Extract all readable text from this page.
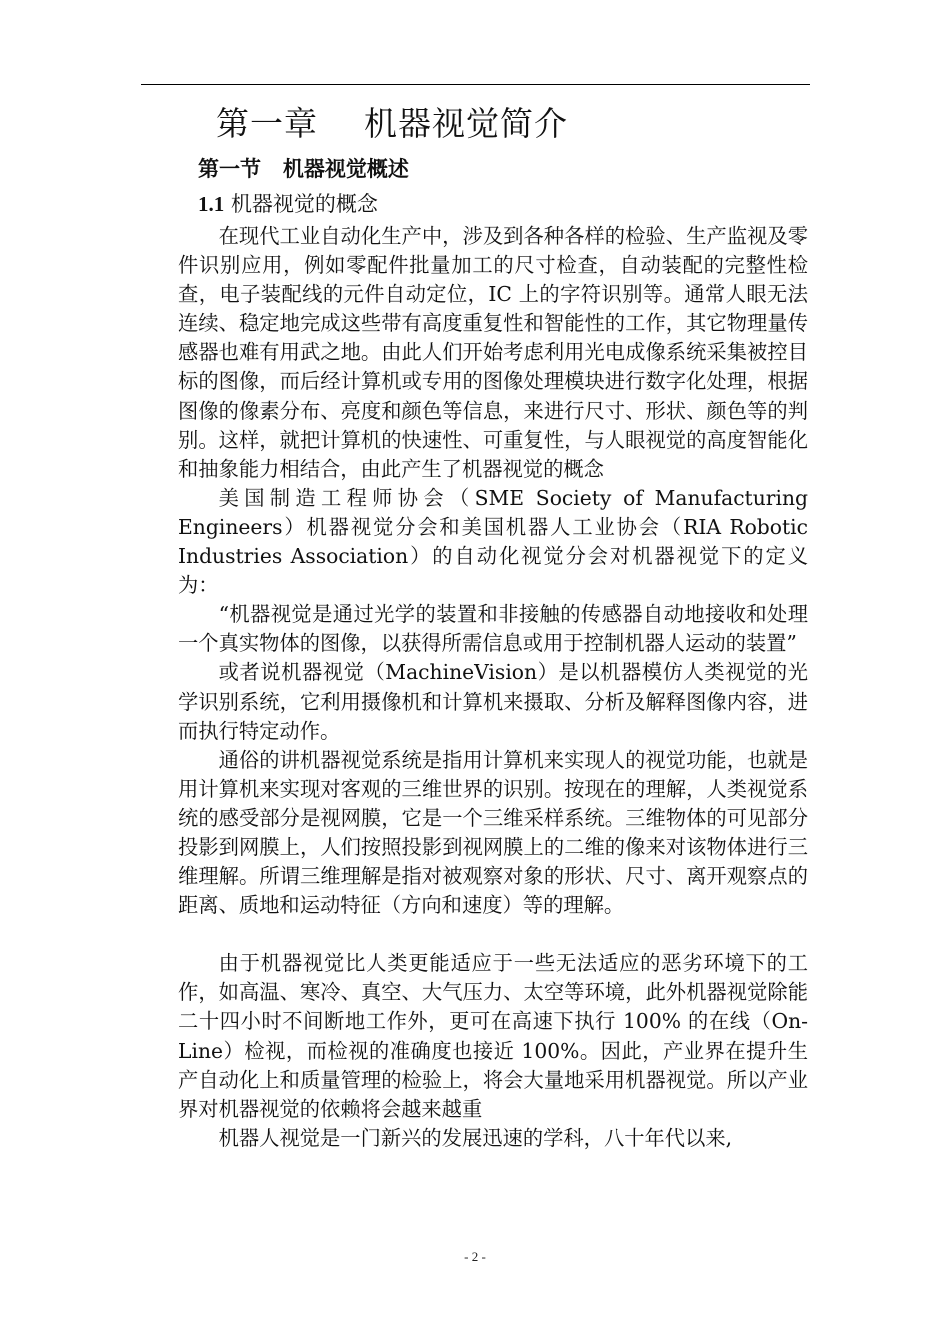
第一章    机器视觉简介
第一节   机器视觉概述
1.1 机器视觉的概念

在现代工业自动化生产中，涉及到各种各样的检验、生产监视及零件识别应用，例如零配件批量加工的尺寸检查，自动装配的完整性检查，电子装配线的元件自动定位，IC 上的字符识别等。通常人眼无法连续、稳定地完成这些带有高度重复性和智能性的工作，其它物理量传感器也难有用武之地。由此人们开始考虑利用光电成像系统采集被控目标的图像，而后经计算机或专用的图像处理模块进行数字化处理，根据图像的像素分布、亮度和颜色等信息，来进行尺寸、形状、颜色等的判别。这样，就把计算机的快速性、可重复性，与人眼视觉的高度智能化和抽象能力相结合，由此产生了机器视觉的概念

美国制造工程师协会（SME Society of Manufacturing Engineers）机器视觉分会和美国机器人工业协会（RIA Robotic Industries Association）的自动化视觉分会对机器视觉下的定义为：

“机器视觉是通过光学的装置和非接触的传感器自动地接收和处理一个真实物体的图像，以获得所需信息或用于控制机器人运动的装置”

或者说机器视觉（MachineVision）是以机器模仿人类视觉的光学识别系统，它利用摄像机和计算机来摄取、分析及解释图像内容，进而执行特定动作。

通俗的讲机器视觉系统是指用计算机来实现人的视觉功能，也就是用计算机来实现对客观的三维世界的识别。按现在的理解，人类视觉系统的感受部分是视网膜，它是一个三维采样系统。三维物体的可见部分投影到网膜上，人们按照投影到视网膜上的二维的像来对该物体进行三维理解。所谓三维理解是指对被观察对象的形状、尺寸、离开观察点的距离、质地和运动特征（方向和速度）等的理解。

由于机器视觉比人类更能适应于一些无法适应的恶劣环境下的工作，如高温、寒冷、真空、大气压力、太空等环境，此外机器视觉除能二十四小时不间断地工作外，更可在高速下执行 100% 的在线（On-Line）检视，而检视的准确度也接近 100%。因此，产业界在提升生产自动化上和质量管理的检验上，将会大量地采用机器视觉。所以产业界对机器视觉的依赖将会越来越重

机器人视觉是一门新兴的发展迅速的学科，八十年代以来,

- 2 -
